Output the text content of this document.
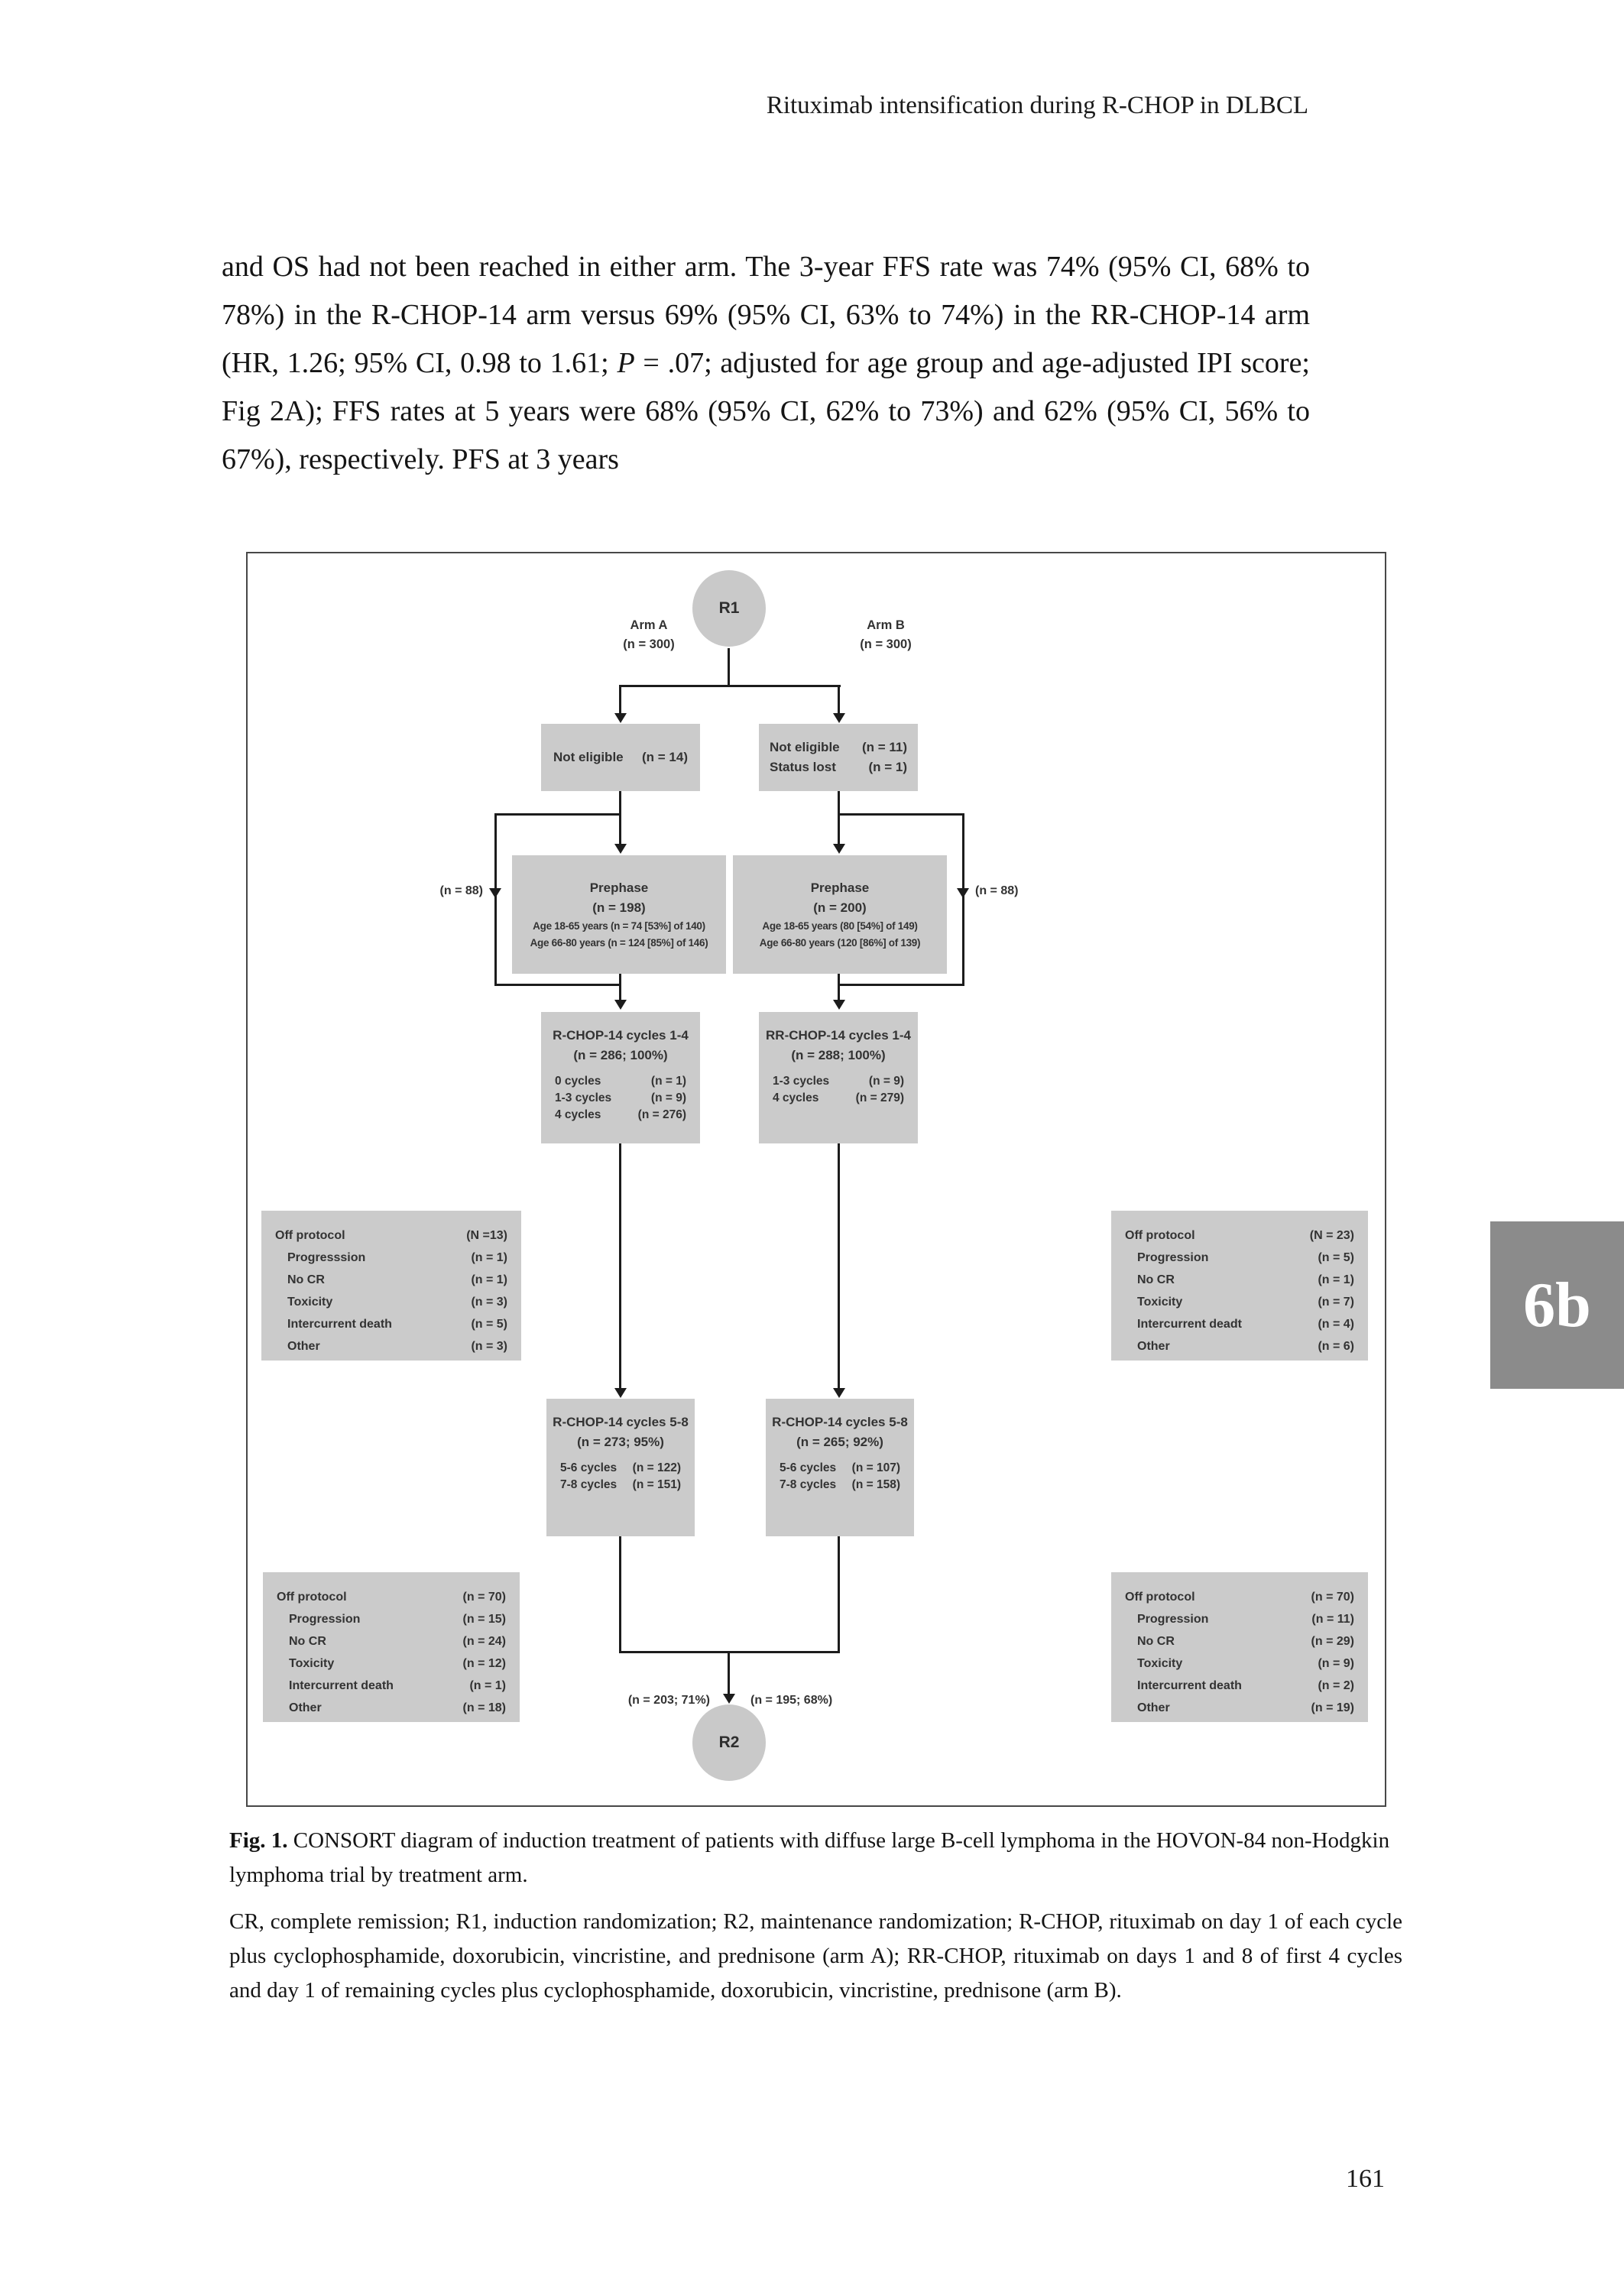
Rituximab intensification during R-CHOP in DLBCL

and OS had not been reached in either arm. The 3-year FFS rate was 74% (95% CI, 68% to 78%) in the R-CHOP-14 arm versus 69% (95% CI, 63% to 74%) in the RR-CHOP-14 arm (HR, 1.26; 95% CI, 0.98 to 1.61; P = .07; adjusted for age group and age-adjusted IPI score; Fig 2A); FFS rates at 5 years were 68% (95% CI, 62% to 73%) and 62% (95% CI, 56% to 67%), respectively. PFS at 3 years

R1
R2
Arm A
(n = 300)
Arm B
(n = 300)
Not eligible (n = 14)
Not eligible (n = 11)
Status lost	(n = 1)
(n = 88)	(n = 88)
Prephase
(n = 198)
Age 18-65 years (n = 74 [53%] of 140)
Age 66-80 years (n = 124 [85%] of 146)
Prephase
(n = 200)
Age 18-65 years (80 [54%] of 149)
Age 66-80 years (120 [86%] of 139)
R-CHOP-14 cycles 1-4
(n = 286; 100%)
0 cycles	(n = 1)
1-3 cycles	(n = 9)
4 cycles	(n = 276)
RR-CHOP-14 cycles 1-4
(n = 288; 100%)
1-3 cycles	(n = 9)
4 cycles	(n = 279)
Off protocol	(N =13)
Progresssion	(n = 1)
No CR	(n = 1)
Toxicity	(n = 3)
Intercurrent death	(n = 5)
Other	(n = 3)
Off protocol	(N = 23)
Progression	(n = 5)
No CR	(n = 1)
Toxicity	(n = 7)
Intercurrent deadt	(n = 4)
Other	(n = 6)
R-CHOP-14 cycles 5-8
(n = 273; 95%)
5-6 cycles (n = 122)
7-8 cycles (n = 151)
R-CHOP-14 cycles 5-8
(n = 265; 92%)
5-6 cycles (n = 107)
7-8 cycles (n = 158)
Off protocol	(n = 70)
Progression	(n = 15)
No CR	(n = 24)
Toxicity	(n = 12)
Intercurrent death	(n = 1)
Other	(n = 18)
Off protocol	(n = 70)
Progression	(n = 11)
No CR	(n = 29)
Toxicity	(n = 9)
Intercurrent death	(n = 2)
Other	(n = 19)
(n = 203; 71%)	(n = 195; 68%)
Fig. 1. CONSORT diagram of induction treatment of patients with diffuse large B-cell lymphoma in the HOVON-84 non-Hodgkin lymphoma trial by treatment arm.

CR, complete remission; R1, induction randomization; R2, maintenance randomization; R-CHOP, rituximab on day 1 of each cycle plus cyclophosphamide, doxorubicin, vincristine, and prednisone (arm A); RR-CHOP, rituximab on days 1 and 8 of first 4 cycles and day 1 of remaining cycles plus cyclophosphamide, doxorubicin, vincristine, prednisone (arm B).

6b
161
